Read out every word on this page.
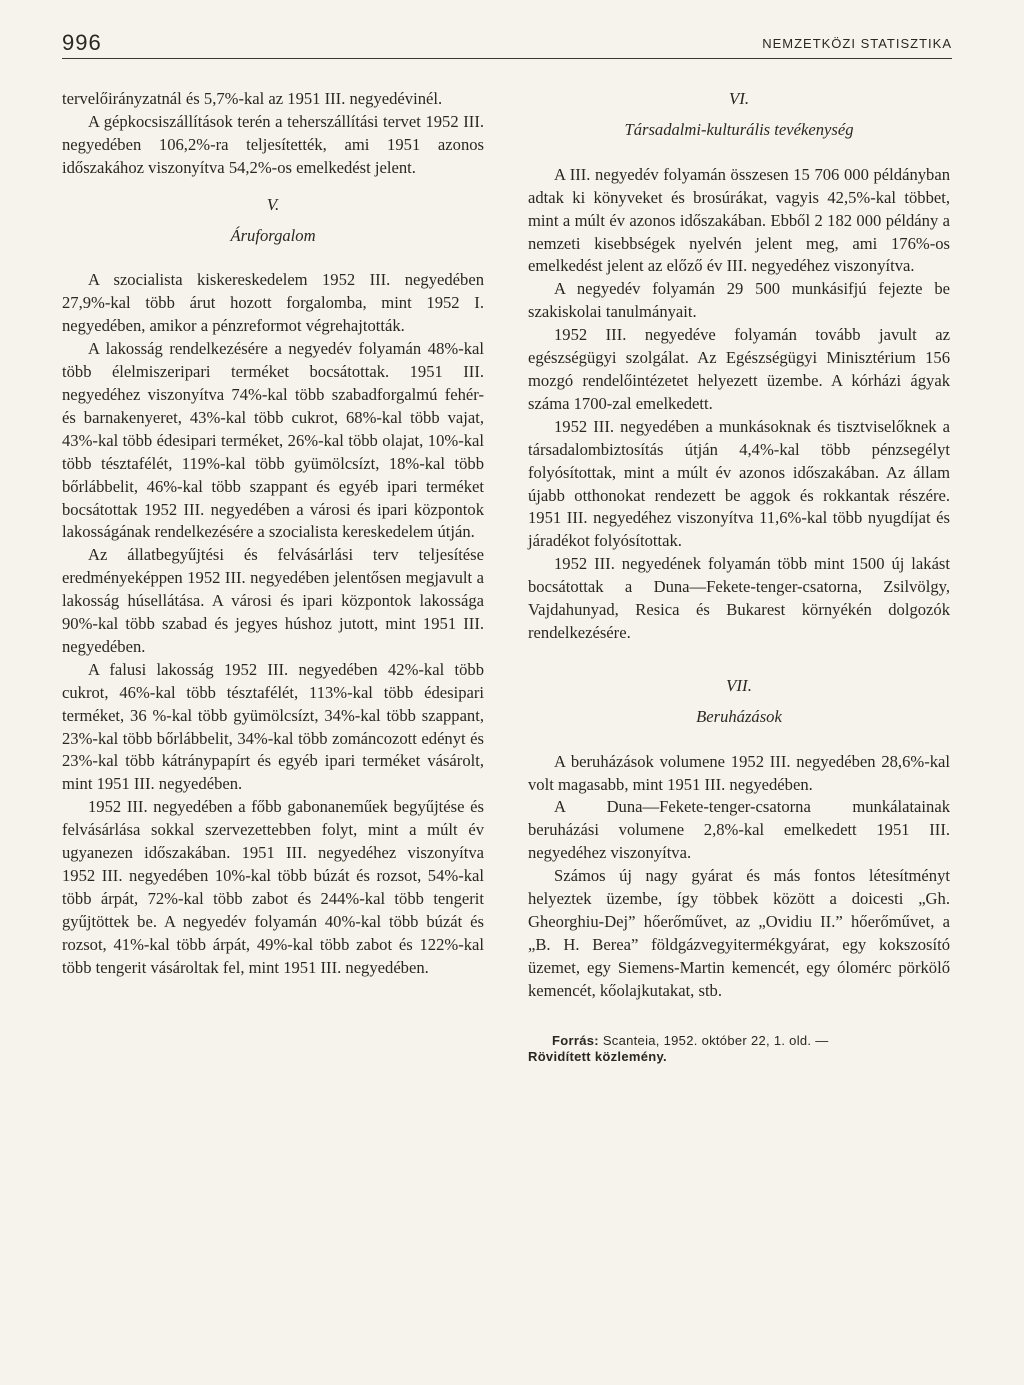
996	NEMZETKÖZI STATISZTIKA

tervelőirányzatnál és 5,7%-kal az 1951 III. negyedévinél.

A gépkocsiszállítások terén a teherszállítási tervet 1952 III. negyedében 106,2%-ra teljesítették, ami 1951 azonos időszakához viszonyítva 54,2%-os emelkedést jelent.

V.
Áruforgalom

A szocialista kiskereskedelem 1952 III. negyedében 27,9%-kal több árut hozott forgalomba, mint 1952 I. negyedében, amikor a pénzreformot végrehajtották.

A lakosság rendelkezésére a negyedév folyamán 48%-kal több élelmiszeripari terméket bocsátottak. 1951 III. negyedéhez viszonyítva 74%-kal több szabadforgalmú fehér- és barnakenyeret, 43%-kal több cukrot, 68%-kal több vajat, 43%-kal több édesipari terméket, 26%-kal több olajat, 10%-kal több tésztafélét, 119%-kal több gyümölcsízt, 18%-kal több bőrlábbelit, 46%-kal több szappant és egyéb ipari terméket bocsátottak 1952 III. negyedében a városi és ipari központok lakosságának rendelkezésére a szocialista kereskedelem útján.

Az állatbegyűjtési és felvásárlási terv teljesítése eredményeképpen 1952 III. negyedében jelentősen megjavult a lakosság húsellátása. A városi és ipari központok lakossága 90%-kal több szabad és jegyes húshoz jutott, mint 1951 III. negyedében.

A falusi lakosság 1952 III. negyedében 42%-kal több cukrot, 46%-kal több tésztafélét, 113%-kal több édesipari terméket, 36 %-kal több gyümölcsízt, 34%-kal több szappant, 23%-kal több bőrlábbelit, 34%-kal több zománcozott edényt és 23%-kal több kátránypapírt és egyéb ipari terméket vásárolt, mint 1951 III. negyedében.

1952 III. negyedében a főbb gabonaneműek begyűjtése és felvásárlása sokkal szervezettebben folyt, mint a múlt év ugyanezen időszakában. 1951 III. negyedéhez viszonyítva 1952 III. negyedében 10%-kal több búzát és rozsot, 54%-kal több árpát, 72%-kal több zabot és 244%-kal több tengerit gyűjtöttek be. A negyedév folyamán 40%-kal több búzát és rozsot, 41%-kal több árpát, 49%-kal több zabot és 122%-kal több tengerit vásároltak fel, mint 1951 III. negyedében.

VI.
Társadalmi-kulturális tevékenység

A III. negyedév folyamán összesen 15 706 000 példányban adtak ki könyveket és brosúrákat, vagyis 42,5%-kal többet, mint a múlt év azonos időszakában. Ebből 2 182 000 példány a nemzeti kisebbségek nyelvén jelent meg, ami 176%-os emelkedést jelent az előző év III. negyedéhez viszonyítva.

A negyedév folyamán 29 500 munkásifjú fejezte be szakiskolai tanulmányait.

1952 III. negyedéve folyamán tovább javult az egészségügyi szolgálat. Az Egészségügyi Minisztérium 156 mozgó rendelőintézetet helyezett üzembe. A kórházi ágyak száma 1700-zal emelkedett.

1952 III. negyedében a munkásoknak és tisztviselőknek a társadalombiztosítás útján 4,4%-kal több pénzsegélyt folyósítottak, mint a múlt év azonos időszakában. Az állam újabb otthonokat rendezett be aggok és rokkantak részére. 1951 III. negyedéhez viszonyítva 11,6%-kal több nyugdíjat és járadékot folyósítottak.

1952 III. negyedének folyamán több mint 1500 új lakást bocsátottak a Duna—Fekete-tenger-csatorna, Zsilvölgy, Vajdahunyad, Resica és Bukarest környékén dolgozók rendelkezésére.

VII.
Beruházások

A beruházások volumene 1952 III. negyedében 28,6%-kal volt magasabb, mint 1951 III. negyedében.

A Duna—Fekete-tenger-csatorna munkálatainak beruházási volumene 2,8%-kal emelkedett 1951 III. negyedéhez viszonyítva.

Számos új nagy gyárat és más fontos létesítményt helyeztek üzembe, így többek között a doicesti „Gh. Gheorghiu-Dej” hőerőművet, az „Ovidiu II.” hőerőművet, a „B. H. Berea” földgázvegyitermékgyárat, egy kokszosító üzemet, egy Siemens-Martin kemencét, egy ólomérc pörkölő kemencét, kőolajkutakat, stb.

Forrás: Scanteia, 1952. október 22, 1. old. —
Rövidített közlemény.
